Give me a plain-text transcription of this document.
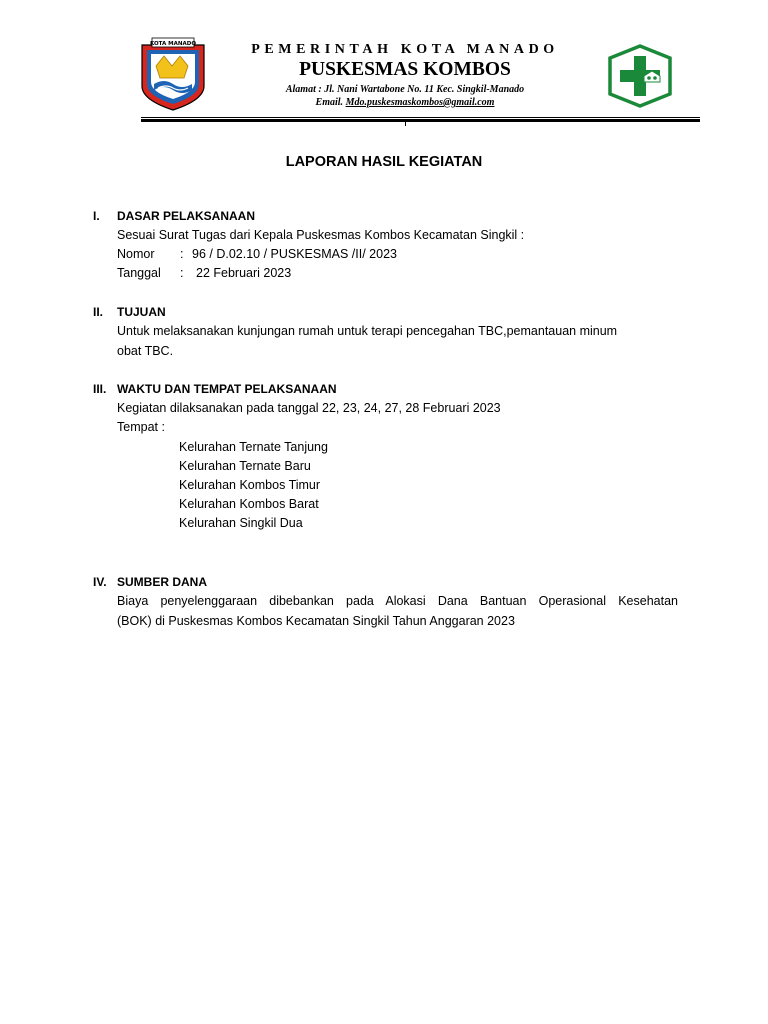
KOTA MANADO	PEMERINTAH KOTA MANADO
PUSKESMAS KOMBOS
Alamat : Jl. Nani Wartabone No. 11 Kec. Singkil-Manado
Email. Mdo.puskesmaskombos@gmail.com
LAPORAN HASIL KEGIATAN
I. DASAR PELAKSANAAN
Sesuai Surat Tugas dari Kepala Puskesmas Kombos Kecamatan Singkil :
Nomor : 96 / D.02.10 / PUSKESMAS /II/ 2023
Tanggal : 22 Februari 2023
II. TUJUAN
Untuk melaksanakan kunjungan rumah untuk terapi pencegahan TBC,pemantauan minum
obat TBC.
III. WAKTU DAN TEMPAT PELAKSANAAN
Kegiatan dilaksanakan pada tanggal 22, 23, 24, 27, 28 Februari 2023
Tempat :
Kelurahan Ternate Tanjung
Kelurahan Ternate Baru
Kelurahan Kombos Timur
Kelurahan Kombos Barat
Kelurahan Singkil Dua
IV. SUMBER DANA
Biaya penyelenggaraan dibebankan pada Alokasi Dana Bantuan Operasional Kesehatan
(BOK) di Puskesmas Kombos Kecamatan Singkil Tahun Anggaran 2023
